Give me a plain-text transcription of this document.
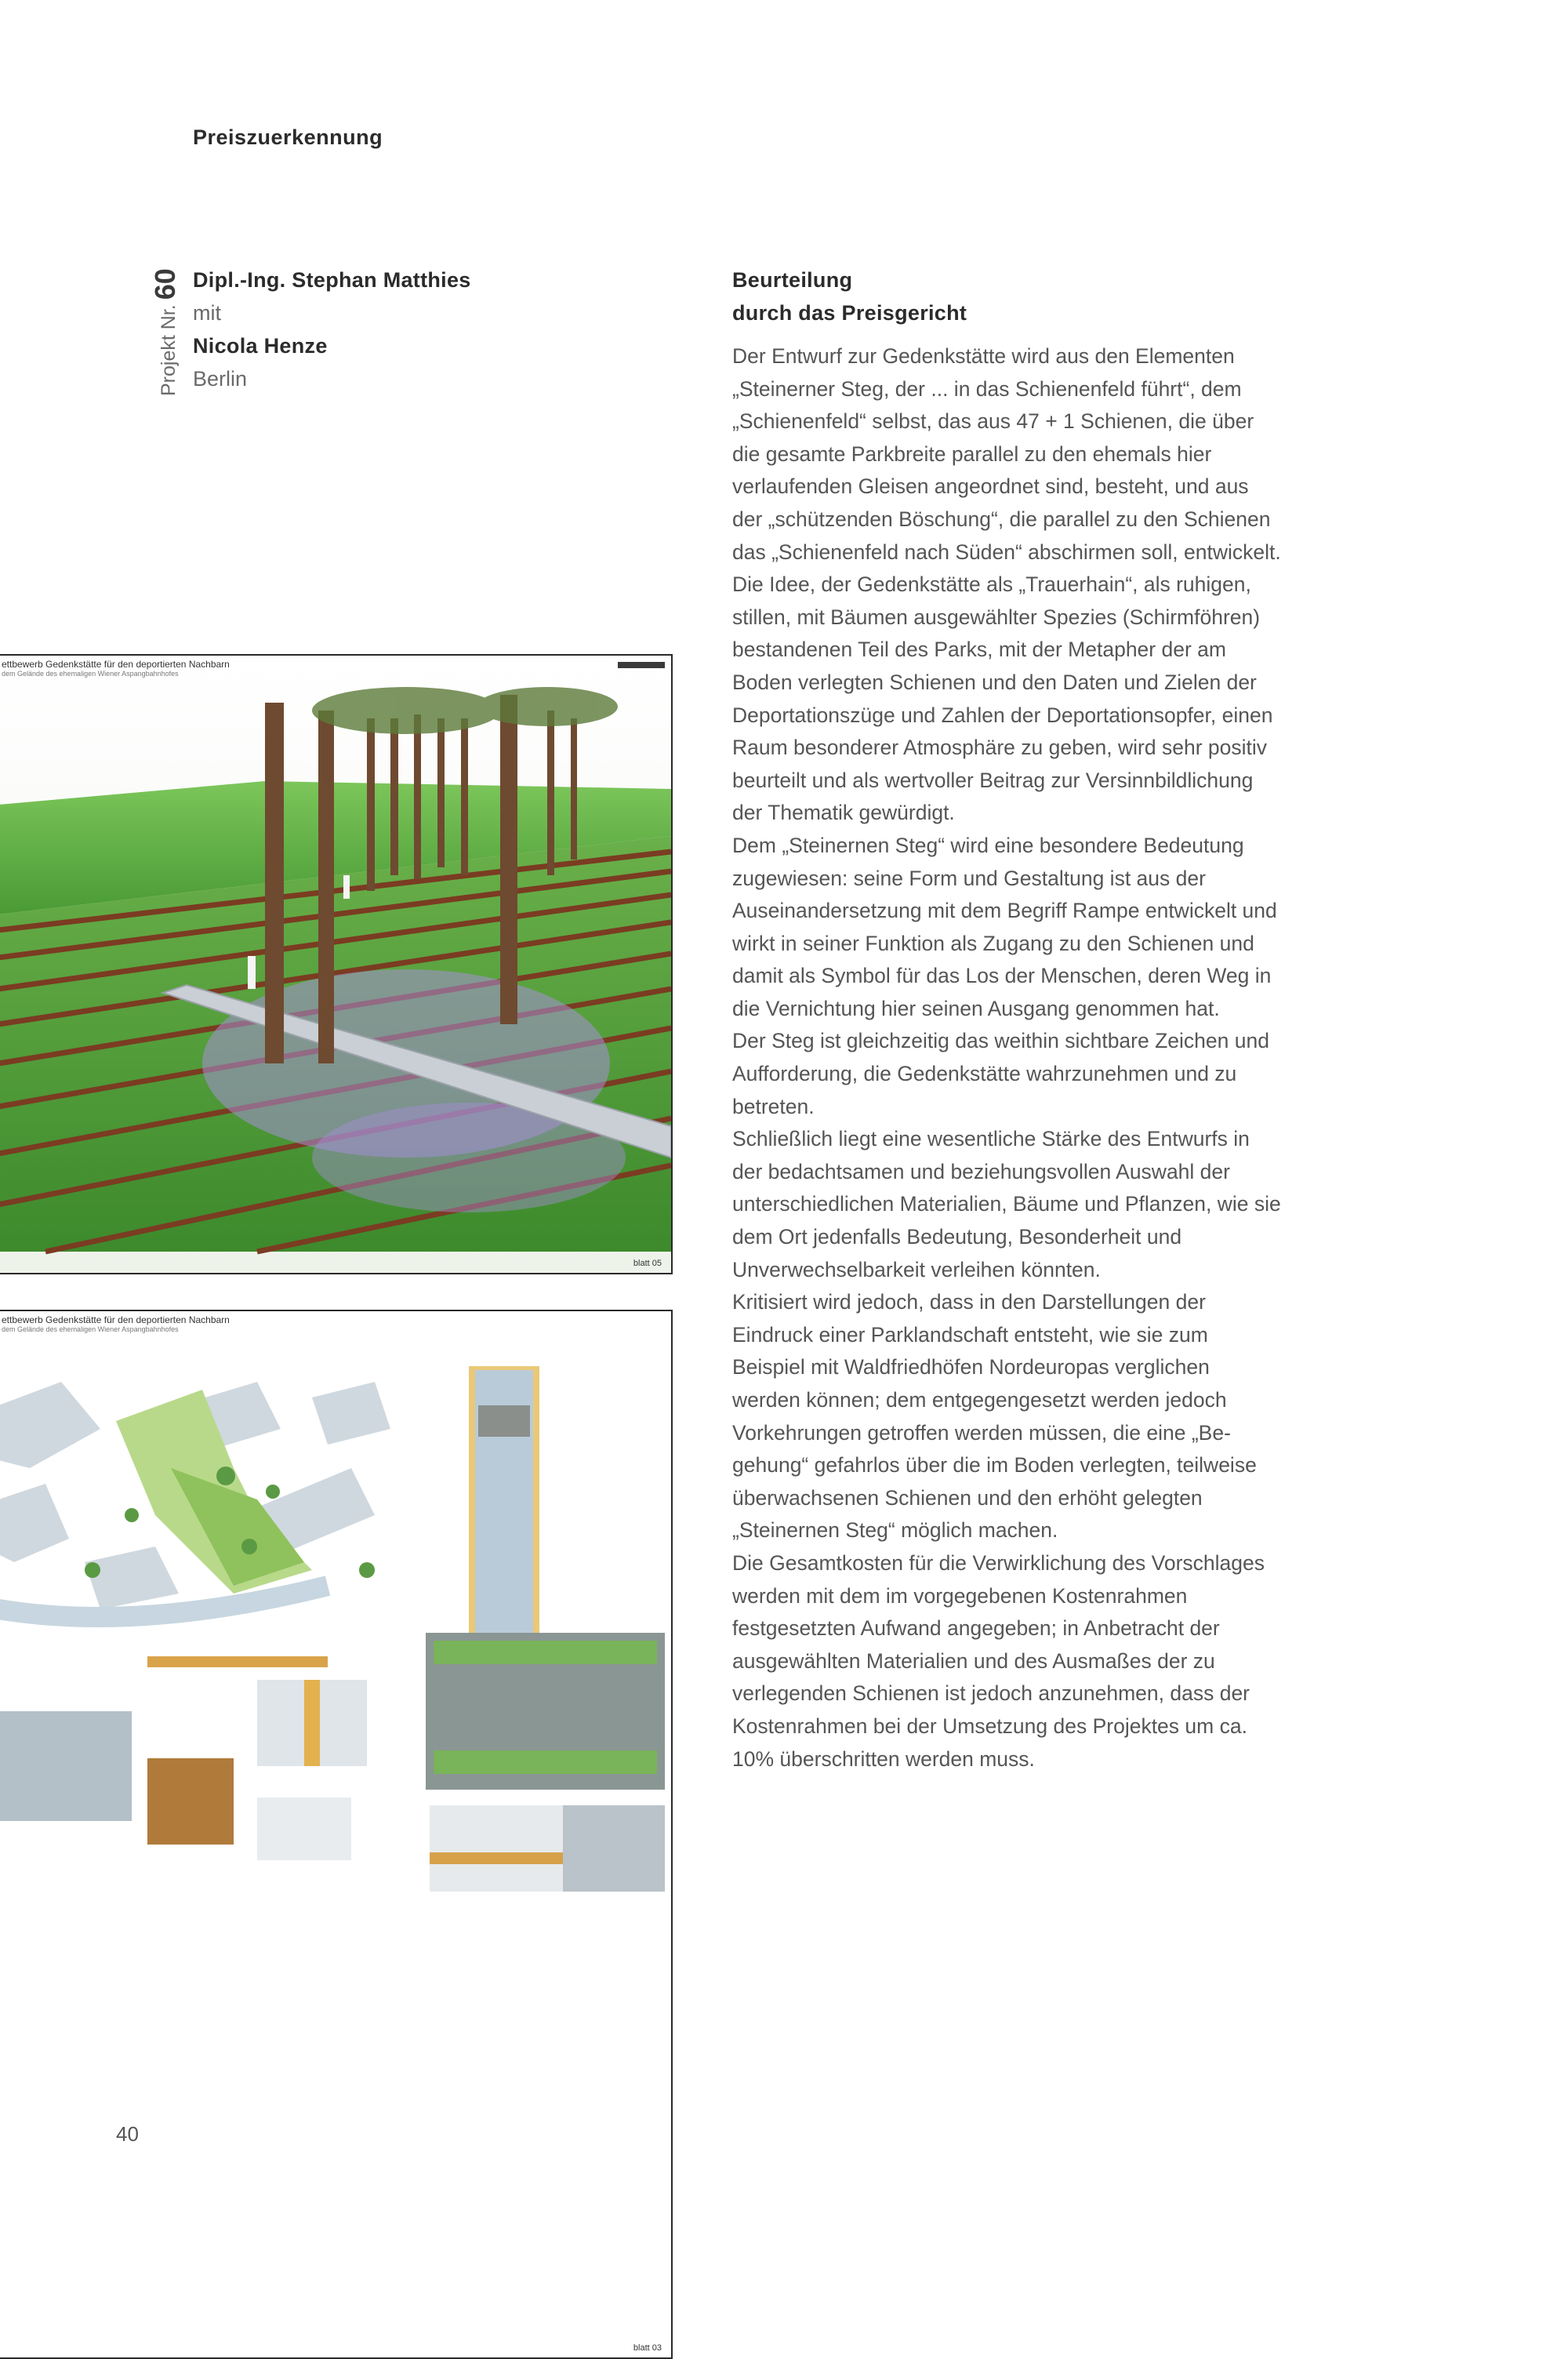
Preiszuerkennung
Projekt Nr.60 Dipl.-Ing. Stephan Matthies
mit
Nicola Henze
Berlin
Beurteilung
durch das Preisgericht

Der Entwurf zur Gedenkstätte wird aus den Elementen „Steinerner Steg, der ... in das Schienenfeld führt“, dem „Schienenfeld“ selbst, das aus 47 + 1 Schienen, die über die gesamte Parkbreite parallel zu den ehemals hier verlaufenden Gleisen angeordnet sind, besteht, und aus der „schützenden Böschung“, die parallel zu den Schienen das „Schienenfeld nach Süden“ abschirmen soll, entwickelt.

Die Idee, der Gedenkstätte als „Trauerhain“, als ruhigen, stillen, mit Bäumen ausgewählter Spezies (Schirmföhren) bestandenen Teil des Parks, mit der Metapher der am Boden verlegten Schienen und den Daten und Zielen der Deportationszüge und Zahlen der Deportationsopfer, einen Raum besonderer Atmosphäre zu geben, wird sehr positiv beurteilt und als wertvoller Beitrag zur Versinnbildlichung der Thematik gewürdigt.

Dem „Steinernen Steg“ wird eine besondere Bedeutung zugewiesen: seine Form und Gestaltung ist aus der Auseinandersetzung mit dem Begriff Rampe entwickelt und wirkt in seiner Funktion als Zugang zu den Schienen und damit als Symbol für das Los der Menschen, deren Weg in die Vernichtung hier seinen Ausgang genommen hat.

Der Steg ist gleichzeitig das weithin sichtbare Zeichen und Aufforderung, die Gedenkstätte wahrzunehmen und zu betreten.

Schließlich liegt eine wesentliche Stärke des Entwurfs in der bedachtsamen und beziehungsvollen Auswahl der unterschiedlichen Materialien, Bäume und Pflanzen, wie sie dem Ort jedenfalls Bedeutung, Besonderheit und Unverwechselbarkeit verleihen könnten.

Kritisiert wird jedoch, dass in den Darstellungen der Eindruck einer Parklandschaft entsteht, wie sie zum Beispiel mit Waldfriedhöfen Nordeuropas verglichen werden können; dem entgegengesetzt werden jedoch Vorkehrungen getroffen werden müssen, die eine „Begehung“ gefahrlos über die im Boden verlegten, teilweise überwachsenen Schienen und den erhöht gelegten „Steinernen Steg“ möglich machen.

Die Gesamtkosten für die Verwirklichung des Vorschlages werden mit dem im vorgegebenen Kostenrahmen festgesetzten Aufwand angegeben; in Anbetracht der ausgewählten Materialien und des Ausmaßes der zu verlegenden Schienen ist jedoch anzunehmen, dass der Kostenrahmen bei der Umsetzung des Projektes um ca. 10% überschritten werden muss.

ettbewerb Gedenkstätte für den deportierten Nachbarn
dem Gelände des ehemaligen Wiener Aspangbahnhofes
blatt 05
ettbewerb Gedenkstätte für den deportierten Nachbarn
dem Gelände des ehemaligen Wiener Aspangbahnhofes
blatt 03
40
